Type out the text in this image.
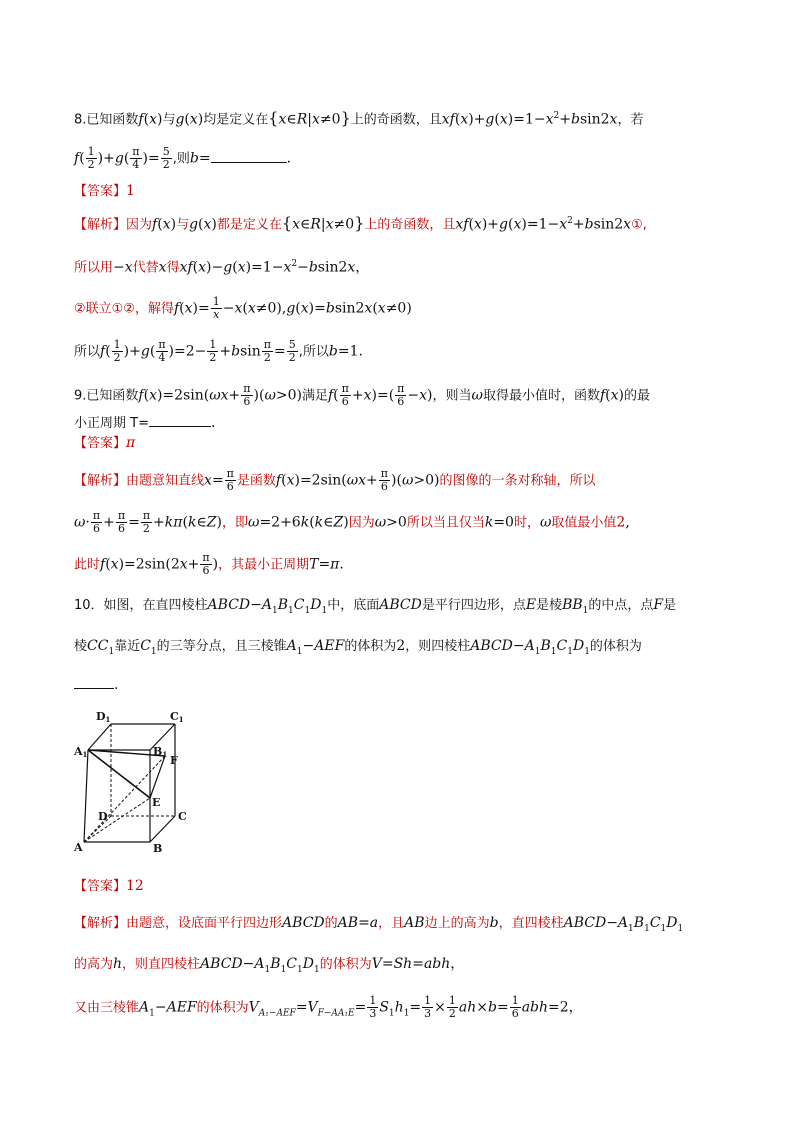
8.已知函数f(x)与g(x)均是定义在{x∈R|x≠0}上的奇函数，且$xf(x)+g(x)=1-x^2+bsin2x$，若
$f( \frac{1}{2} )+g( \frac{\pi}{4}$ )= $\frac{5}{2}$ ,则b=	.
【答案】1
【解析】因为f(x)与g(x)都是定义在{x∈R|x≠0}上的奇函数，且$xf(x)+g(x)=1-x^2+bsin2x①$,
所以用−x代替x得$xf(x)-g(x)=1-x^2-bsin2x$，
②联立①②，解得$f(x)= \frac{1}{x} -x(x\ne 0),g(x)=bsin2x(x\ne 0)$
所以$f( \frac{1}{2} )+g( \frac{\pi}{4} )=2- \frac{1}{2} +bsin \frac{\pi}{2} = \frac{5}{2}$ ,所以b=1.
9.已知函数$f(x)=2\sin(\omega x+ \frac{\pi}{6} )(\omega>0)$满足$f( \frac{\pi}{6} +x)=( \frac{\pi}{6} -x)$，则当ω取得最小值时，函数f(x)的最
小正周期 T=	.
【答案】π
【解析】由题意知直线$x= \frac{\pi}{6}$ 是函数$f(x)=2\sin(\omega x+ \frac{\pi}{6} )(\omega>0)$的图像的一条对称轴，所以
$\omega\cdot \frac{\pi}{6} + \frac{\pi}{6} = \frac{\pi}{2}$ +kπ(k∈Z)，即ω=2+6k(k∈Z)因为ω>0所以当且仅当k=0时，ω取值最小值2,
此时$f(x)=2\sin(2x+ \frac{\pi}{6}$ )，其最小正周期T=π.
10．如图，在直四棱柱$ABCD-A_1B_1C_1D_1$中，底面ABCD是平行四边形，点E是棱$BB_1$的中点，点F是
棱$CC_1$靠近$C_1$的三等分点，且三棱锥$A_1-AEF$的体积为2，则四棱柱$ABCD-A_1B_1C_1D_1$的体积为
.
D1	C1
A1	B1 F
E
D	C
A	B
【答案】12
【解析】由题意，设底面平行四边形ABCD的AB=a，且AB边上的高为b，直四棱柱$ABCD-A_1B_1C_1D_1$
的高为h，则直四棱柱$ABCD-A_1B_1C_1D_1$的体积为V=Sh=abh，
又由三棱锥$A_1-AEF$的体积为$V_{A_1-AEF}=V_{F-AA_1E}= \frac{1}{3} S_1h_1= \frac{1}{3} \times \frac{1}{2} ah\times b= \frac{1}{6} abh=2$，
